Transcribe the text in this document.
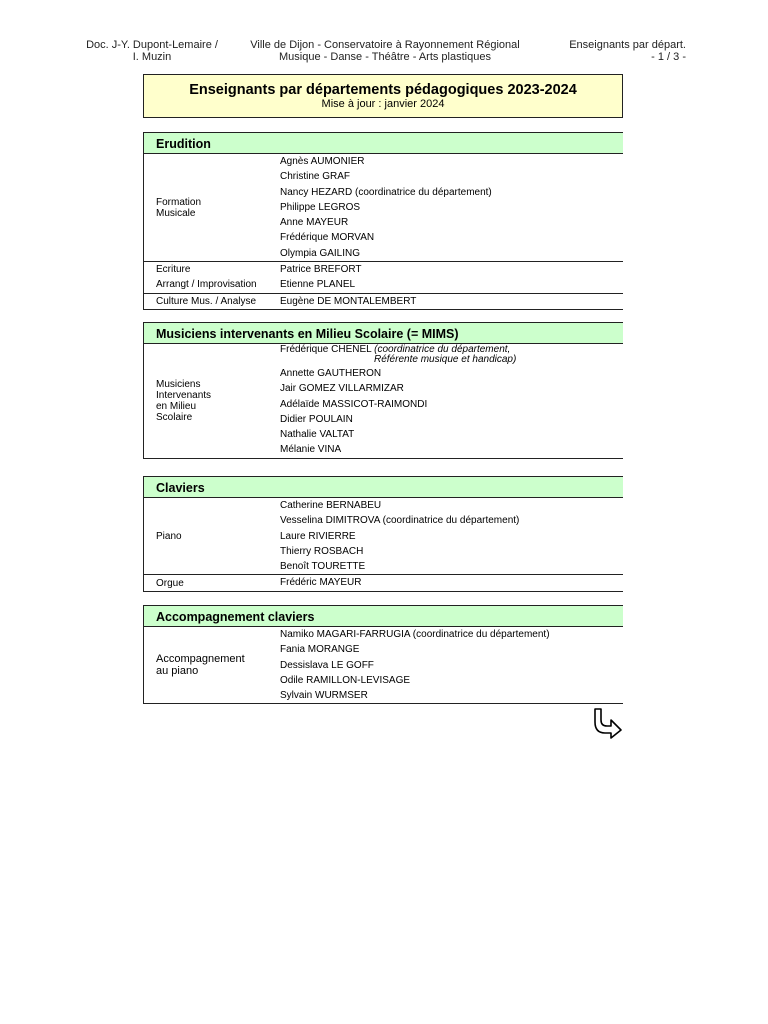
Doc. J-Y. Dupont-Lemaire /
I. Muzin
Ville de Dijon - Conservatoire à Rayonnement Régional
Musique - Danse - Théâtre - Arts plastiques
Enseignants par départ.
- 1 / 3 -
Enseignants par départements pédagogiques 2023-2024
Mise à jour : janvier 2024
Erudition
Formation
Musicale
Agnès AUMONIER
Christine GRAF
Nancy HEZARD (coordinatrice du département)
Philippe LEGROS
Anne MAYEUR
Frédérique MORVAN
Olympia GAILING
Ecriture
Arrangt / Improvisation
Patrice BREFORT
Etienne PLANEL
Culture Mus. / Analyse	Eugène DE MONTALEMBERT
Musiciens intervenants en Milieu Scolaire (= MIMS)
Musiciens
Intervenants
en Milieu
Scolaire
Frédérique CHENEL (coordinatrice du département,
Référente musique et handicap)
Annette GAUTHERON
Jair GOMEZ VILLARMIZAR
Adélaïde MASSICOT-RAIMONDI
Didier POULAIN
Nathalie VALTAT
Mélanie VINA
Claviers
Piano
Catherine BERNABEU
Vesselina DIMITROVA (coordinatrice du département)
Laure RIVIERRE
Thierry ROSBACH
Benoît TOURETTE
Orgue	Frédéric MAYEUR
Accompagnement claviers
Accompagnement
au piano
Namiko MAGARI-FARRUGIA (coordinatrice du département)
Fania MORANGE
Dessislava LE GOFF
Odile RAMILLON-LEVISAGE
Sylvain WURMSER
